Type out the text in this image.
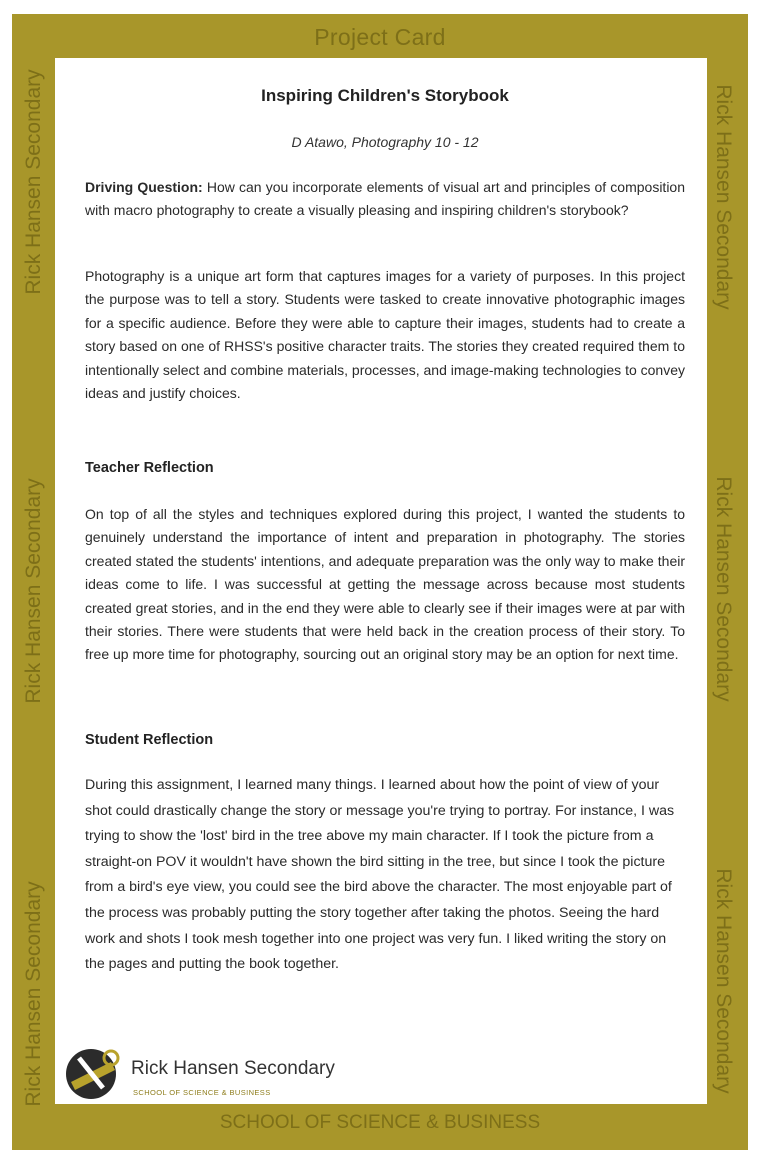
Project Card
Rick Hansen Secondary
Rick Hansen Secondary
Rick Hansen Secondary
Rick Hansen Secondary
Rick Hansen Secondary
Rick Hansen Secondary
SCHOOL OF SCIENCE & BUSINESS
Inspiring Children's Storybook
D Atawo, Photography 10 - 12

Driving Question: How can you incorporate elements of visual art and principles of composition with macro photography to create a visually pleasing and inspiring children's storybook?

Photography is a unique art form that captures images for a variety of purposes. In this project the purpose was to tell a story. Students were tasked to create innovative photographic images for a specific audience. Before they were able to capture their images, students had to create a story based on one of RHSS's positive character traits. The stories they created required them to intentionally select and combine materials, processes, and image-making technologies to convey ideas and justify choices.

Teacher Reflection

On top of all the styles and techniques explored during this project, I wanted the students to genuinely understand the importance of intent and preparation in photography. The stories created stated the students' intentions, and adequate preparation was the only way to make their ideas come to life. I was successful at getting the message across because most students created great stories, and in the end they were able to clearly see if their images were at par with their stories. There were students that were held back in the creation process of their story. To free up more time for photography, sourcing out an original story may be an option for next time.

Student Reflection

During this assignment, I learned many things. I learned about how the point of view of your shot could drastically change the story or message you're trying to portray. For instance, I was trying to show the 'lost' bird in the tree above my main character. If I took the picture from a straight-on POV it wouldn't have shown the bird sitting in the tree, but since I took the picture from a bird's eye view, you could see the bird above the character. The most enjoyable part of the process was probably putting the story together after taking the photos. Seeing the hard work and shots I took mesh together into one project was very fun. I liked writing the story on the pages and putting the book together.

Rick Hansen Secondary
SCHOOL OF SCIENCE & BUSINESS
